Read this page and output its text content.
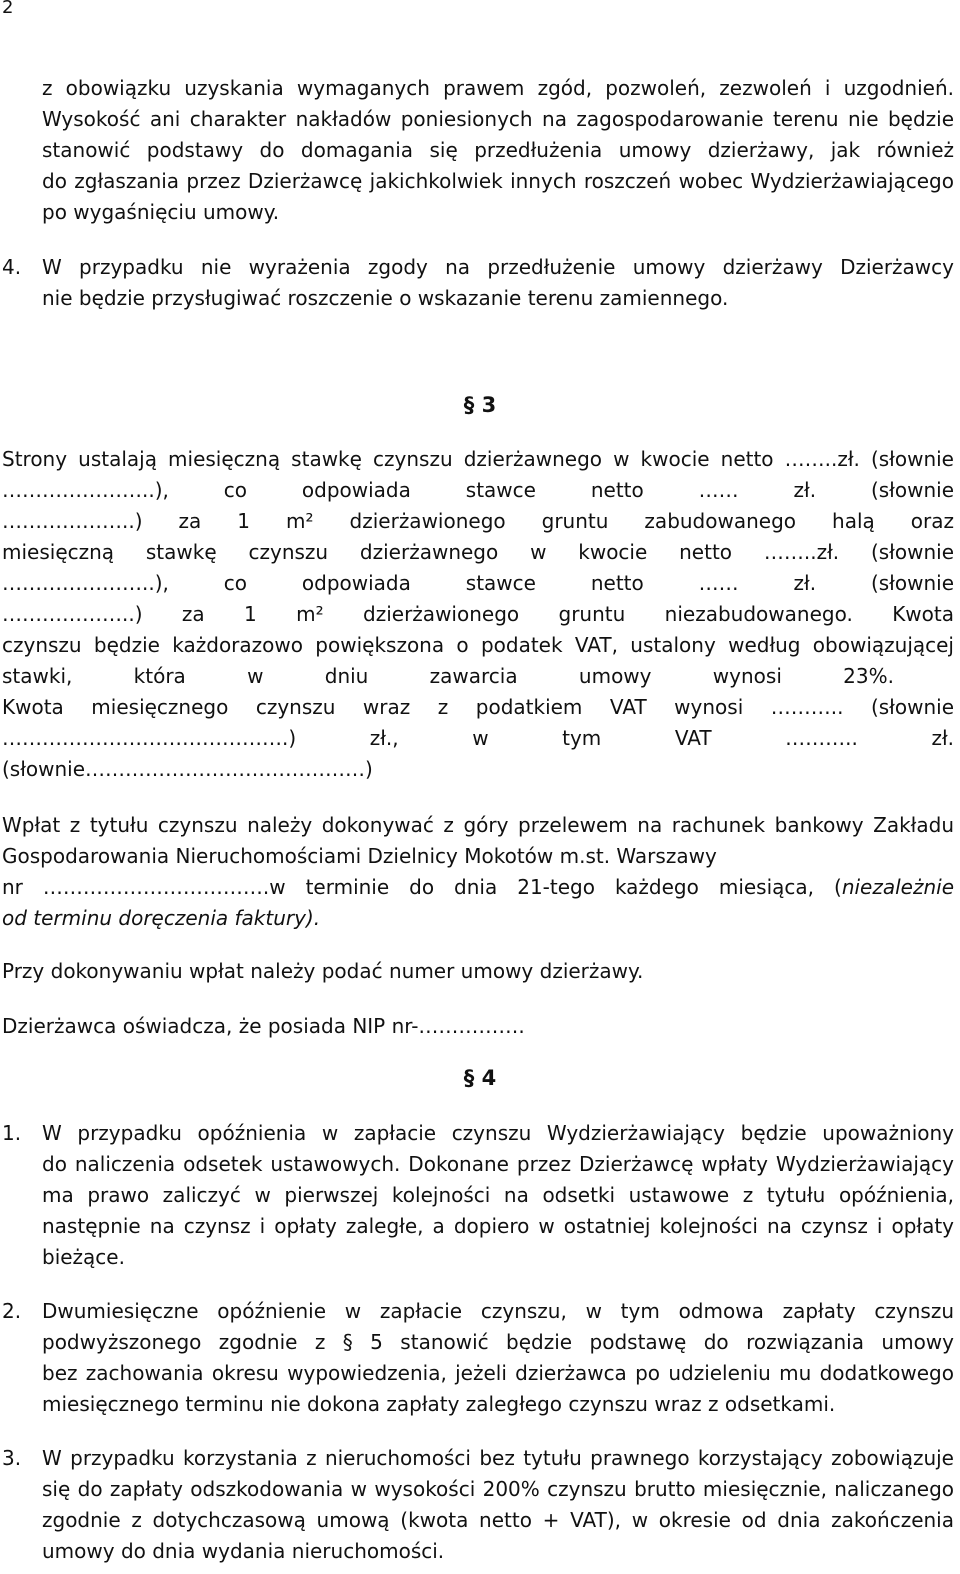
2
z obowiązku uzyskania wymaganych prawem zgód, pozwoleń, zezwoleń i uzgodnień.
Wysokość ani charakter nakładów poniesionych na zagospodarowanie terenu nie będzie
stanowić podstawy do domagania się przedłużenia umowy dzierżawy, jak również
do zgłaszania przez Dzierżawcę jakichkolwiek innych roszczeń wobec Wydzierżawiającego
po wygaśnięciu umowy.
4. W przypadku nie wyrażenia zgody na przedłużenie umowy dzierżawy Dzierżawcy
nie będzie przysługiwać roszczenie o wskazanie terenu zamiennego.
§ 3
Strony ustalają miesięczną stawkę czynszu dzierżawnego w kwocie netto ……..zł. (słownie
…………………..), co odpowiada stawce netto …… zł. (słownie
………………..) za 1 m² dzierżawionego gruntu zabudowanego halą oraz
miesięczną stawkę czynszu dzierżawnego w kwocie netto ……..zł. (słownie
…………………..), co odpowiada stawce netto …… zł. (słownie
………………..) za 1 m² dzierżawionego gruntu niezabudowanego. Kwota
czynszu będzie każdorazowo powiększona o podatek VAT, ustalony według obowiązującej
stawki, która w dniu zawarcia umowy wynosi 23%.
Kwota miesięcznego czynszu wraz z podatkiem VAT wynosi ……….. (słownie
…………………………………….) zł., w tym VAT ……….. zł.
(słownie……………………………………)
Wpłat z tytułu czynszu należy dokonywać z góry przelewem na rachunek bankowy Zakładu
Gospodarowania Nieruchomościami Dzielnicy Mokotów m.st. Warszawy
nr …………………………….w terminie do dnia 21-tego każdego miesiąca, (niezależnie
od terminu doręczenia faktury).
Przy dokonywaniu wpłat należy podać numer umowy dzierżawy.
Dzierżawca oświadcza, że posiada NIP nr-…………….
§ 4
1. W przypadku opóźnienia w zapłacie czynszu Wydzierżawiający będzie upoważniony
do naliczenia odsetek ustawowych. Dokonane przez Dzierżawcę wpłaty Wydzierżawiający
ma prawo zaliczyć w pierwszej kolejności na odsetki ustawowe z tytułu opóźnienia,
następnie na czynsz i opłaty zaległe, a dopiero w ostatniej kolejności na czynsz i opłaty
bieżące.
2. Dwumiesięczne opóźnienie w zapłacie czynszu, w tym odmowa zapłaty czynszu
podwyższonego zgodnie z § 5 stanowić będzie podstawę do rozwiązania umowy
bez zachowania okresu wypowiedzenia, jeżeli dzierżawca po udzieleniu mu dodatkowego
miesięcznego terminu nie dokona zapłaty zaległego czynszu wraz z odsetkami.
3. W przypadku korzystania z nieruchomości bez tytułu prawnego korzystający zobowiązuje
się do zapłaty odszkodowania w wysokości 200% czynszu brutto miesięcznie, naliczanego
zgodnie z dotychczasową umową (kwota netto + VAT), w okresie od dnia zakończenia
umowy do dnia wydania nieruchomości.
